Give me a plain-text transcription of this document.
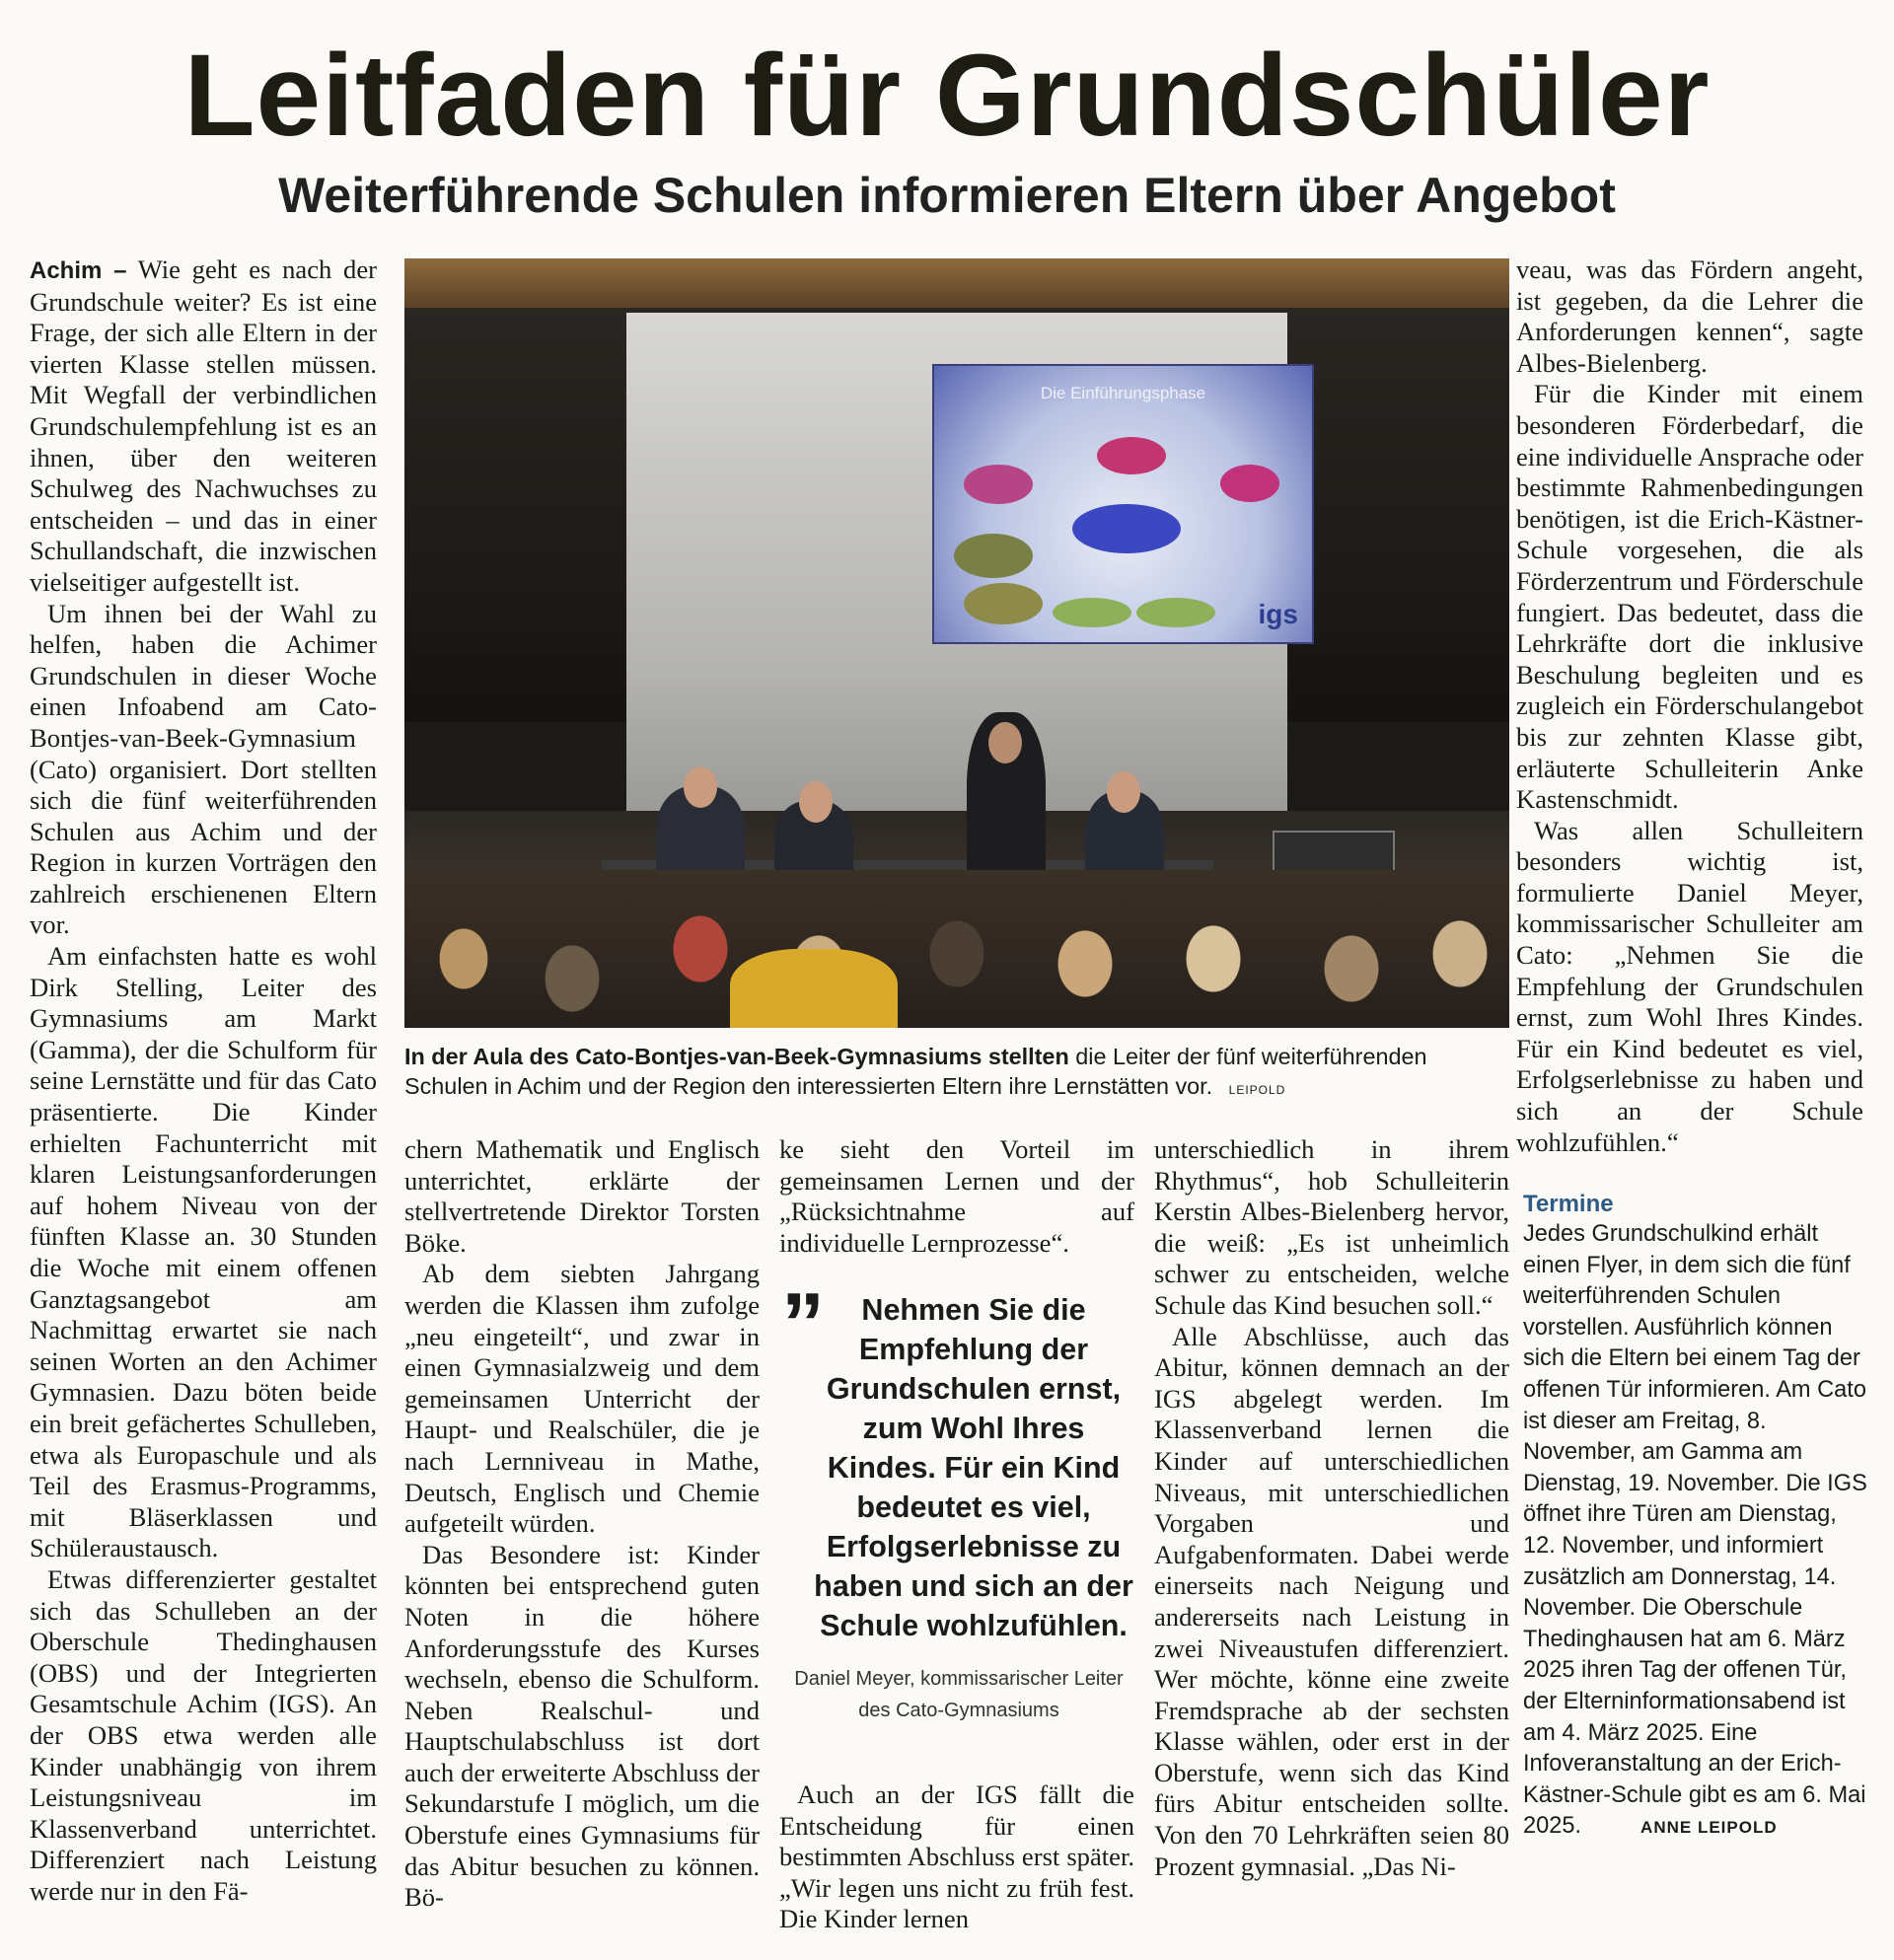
Leitfaden für Grundschüler
Weiterführende Schulen informieren Eltern über Angebot

Achim – Wie geht es nach der Grundschule weiter? Es ist eine Frage, der sich alle Eltern in der vierten Klasse stellen müssen. Mit Wegfall der verbindlichen Grundschulempfehlung ist es an ihnen, über den weiteren Schulweg des Nachwuchses zu entscheiden – und das in einer Schullandschaft, die inzwischen vielseitiger aufgestellt ist.

Um ihnen bei der Wahl zu helfen, haben die Achimer Grundschulen in dieser Woche einen Infoabend am Cato-Bontjes-van-Beek-Gymnasium (Cato) organisiert. Dort stellten sich die fünf weiterführenden Schulen aus Achim und der Region in kurzen Vorträgen den zahlreich erschienenen Eltern vor.

Am einfachsten hatte es wohl Dirk Stelling, Leiter des Gymnasiums am Markt (Gamma), der die Schulform für seine Lernstätte und für das Cato präsentierte. Die Kinder erhielten Fachunterricht mit klaren Leistungsanforderungen auf hohem Niveau von der fünften Klasse an. 30 Stunden die Woche mit einem offenen Ganztagsangebot am Nachmittag erwartet sie nach seinen Worten an den Achimer Gymnasien. Dazu böten beide ein breit gefächertes Schulleben, etwa als Europaschule und als Teil des Erasmus-Programms, mit Bläserklassen und Schüleraustausch.

Etwas differenzierter gestaltet sich das Schulleben an der Oberschule Thedinghausen (OBS) und der Integrierten Gesamtschule Achim (IGS). An der OBS etwa werden alle Kinder unabhängig von ihrem Leistungsniveau im Klassenverband unterrichtet. Differenziert nach Leistung werde nur in den Fä-

Die Einführungsphase
igs
In der Aula des Cato-Bontjes-van-Beek-Gymnasiums stellten die Leiter der fünf weiterführenden Schulen in Achim und der Region den interessierten Eltern ihre Lernstätten vor. LEIPOLD

chern Mathematik und Englisch unterrichtet, erklärte der stellvertretende Direktor Torsten Böke.

Ab dem siebten Jahrgang werden die Klassen ihm zufolge „neu eingeteilt“, und zwar in einen Gymnasialzweig und dem gemeinsamen Unterricht der Haupt- und Realschüler, die je nach Lernniveau in Mathe, Deutsch, Englisch und Chemie aufgeteilt würden.

Das Besondere ist: Kinder könnten bei entsprechend guten Noten in die höhere Anforderungsstufe des Kurses wechseln, ebenso die Schulform. Neben Realschul- und Hauptschulabschluss ist dort auch der erweiterte Abschluss der Sekundarstufe I möglich, um die Oberstufe eines Gymnasiums für das Abitur besuchen zu können. Bö-

ke sieht den Vorteil im gemeinsamen Lernen und der „Rücksichtnahme auf individuelle Lernprozesse“.

”	Nehmen Sie die Empfehlung der Grundschulen ernst, zum Wohl Ihres Kindes. Für ein Kind bedeutet es viel, Erfolgserlebnisse zu haben und sich an der Schule wohlzufühlen.
Daniel Meyer, kommissarischer Leiter des Cato-Gymnasiums

Auch an der IGS fällt die Entscheidung für einen bestimmten Abschluss erst später. „Wir legen uns nicht zu früh fest. Die Kinder lernen

unterschiedlich in ihrem Rhythmus“, hob Schulleiterin Kerstin Albes-Bielenberg hervor, die weiß: „Es ist unheimlich schwer zu entscheiden, welche Schule das Kind besuchen soll.“

Alle Abschlüsse, auch das Abitur, können demnach an der IGS abgelegt werden. Im Klassenverband lernen die Kinder auf unterschiedlichen Niveaus, mit unterschiedlichen Vorgaben und Aufgabenformaten. Dabei werde einerseits nach Neigung und andererseits nach Leistung in zwei Niveaustufen differenziert. Wer möchte, könne eine zweite Fremdsprache ab der sechsten Klasse wählen, oder erst in der Oberstufe, wenn sich das Kind fürs Abitur entscheiden sollte. Von den 70 Lehrkräften seien 80 Prozent gymnasial. „Das Ni-

veau, was das Fördern angeht, ist gegeben, da die Lehrer die Anforderungen kennen“, sagte Albes-Bielenberg.

Für die Kinder mit einem besonderen Förderbedarf, die eine individuelle Ansprache oder bestimmte Rahmenbedingungen benötigen, ist die Erich-Kästner-Schule vorgesehen, die als Förderzentrum und Förderschule fungiert. Das bedeutet, dass die Lehrkräfte dort die inklusive Beschulung begleiten und es zugleich ein Förderschulangebot bis zur zehnten Klasse gibt, erläuterte Schulleiterin Anke Kastenschmidt.

Was allen Schulleitern besonders wichtig ist, formulierte Daniel Meyer, kommissarischer Schulleiter am Cato: „Nehmen Sie die Empfehlung der Grundschulen ernst, zum Wohl Ihres Kindes. Für ein Kind bedeutet es viel, Erfolgserlebnisse zu haben und sich an der Schule wohlzufühlen.“

Termine
Jedes Grundschulkind erhält einen Flyer, in dem sich die fünf weiterführenden Schulen vorstellen. Ausführlich können sich die Eltern bei einem Tag der offenen Tür informieren. Am Cato ist dieser am Freitag, 8. November, am Gamma am Dienstag, 19. November. Die IGS öffnet ihre Türen am Dienstag, 12. November, und informiert zusätzlich am Donnerstag, 14. November. Die Oberschule Thedinghausen hat am 6. März 2025 ihren Tag der offenen Tür, der Elterninformationsabend ist am 4. März 2025. Eine Infoveranstaltung an der Erich-Kästner-Schule gibt es am 6. Mai 2025.	ANNE LEIPOLD
